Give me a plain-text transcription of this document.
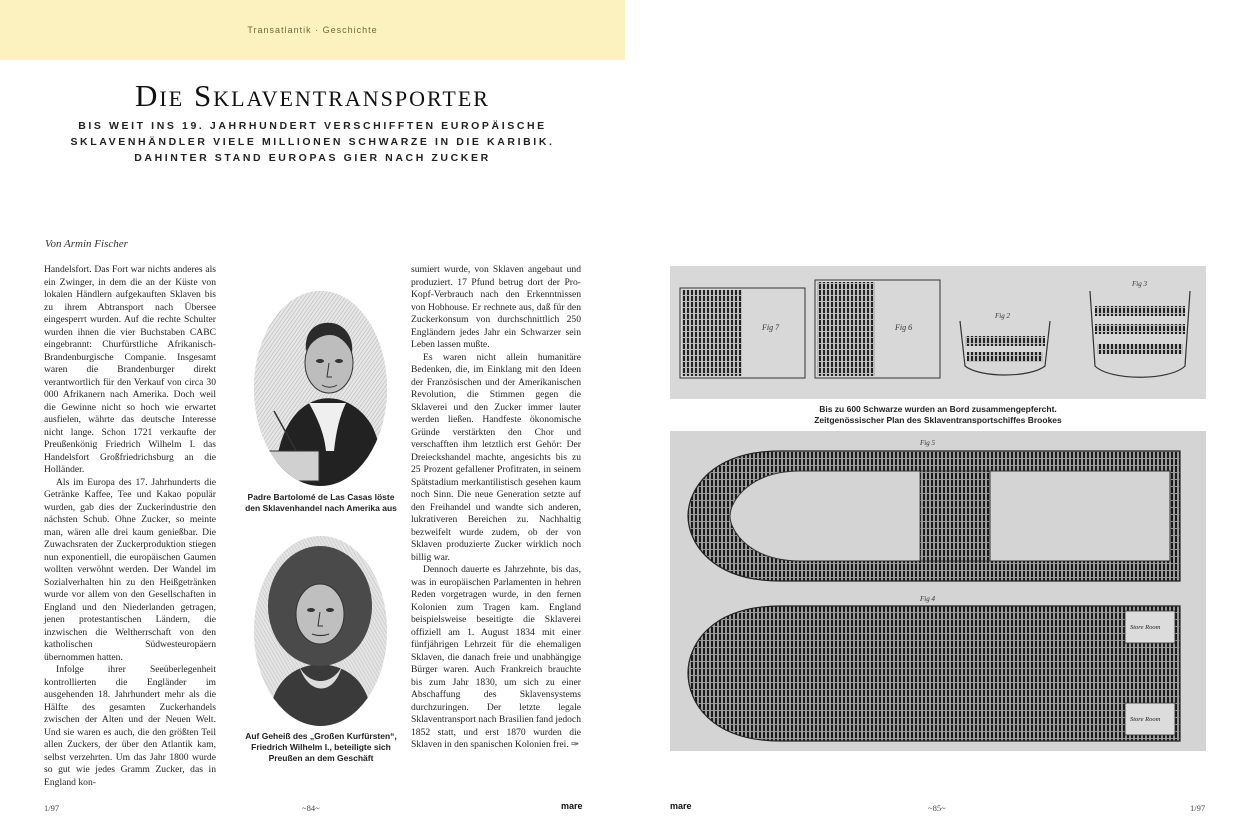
Transatlantik · Geschichte
Die Sklaventransporter
BIS WEIT INS 19. JAHRHUNDERT VERSCHIFFTEN EUROPÄISCHE SKLAVENHÄNDLER VIELE MILLIONEN SCHWARZE IN DIE KARIBIK. DAHINTER STAND EUROPAS GIER NACH ZUCKER
Von Armin Fischer

Handelsfort. Das Fort war nichts anderes als ein Zwinger, in dem die an der Küste von lokalen Händlern aufgekauften Sklaven bis zu ihrem Abtransport nach Übersee eingesperrt wurden. Auf die rechte Schulter wurden ihnen die vier Buchstaben CABC eingebrannt: Churfürstliche Afrikanisch-Brandenburgische Companie. Insgesamt waren die Brandenburger direkt verantwortlich für den Verkauf von circa 30 000 Afrikanern nach Amerika. Doch weil die Gewinne nicht so hoch wie erwartet ausfielen, währte das deutsche Interesse nicht lange. Schon 1721 verkaufte der Preußenkönig Friedrich Wilhelm I. das Handelsfort Großfriedrichsburg an die Holländer.

Als im Europa des 17. Jahrhunderts die Getränke Kaffee, Tee und Kakao populär wurden, gab dies der Zuckerindustrie den nächsten Schub. Ohne Zucker, so meinte man, wären alle drei kaum genießbar. Die Zuwachsraten der Zuckerproduktion stiegen nun exponentiell, die europäischen Gaumen wollten verwöhnt werden. Der Wandel im Sozialverhalten hin zu den Heißgetränken wurde vor allem von den Gesellschaften in England und den Niederlanden getragen, jenen protestantischen Ländern, die inzwischen die Weltherrschaft von den katholischen Südwesteuropäern übernommen hatten.

Infolge ihrer Seeüberlegenheit kontrollierten die Engländer im ausgehenden 18. Jahrhundert mehr als die Hälfte des gesamten Zuckerhandels zwischen der Alten und der Neuen Welt. Und sie waren es auch, die den größten Teil allen Zuckers, der über den Atlantik kam, selbst verzehrten. Um das Jahr 1800 wurde so gut wie jedes Gramm Zucker, das in England kon-

Padre Bartolomé de Las Casas löste den Sklavenhandel nach Amerika aus
Auf Geheiß des „Großen Kurfürsten“, Friedrich Wilhelm I., beteiligte sich Preußen an dem Geschäft

sumiert wurde, von Sklaven angebaut und produziert. 17 Pfund betrug dort der Pro-Kopf-Verbrauch nach den Erkenntnissen von Hobhouse. Er rechnete aus, daß für den Zuckerkonsum von durchschnittlich 250 Engländern jedes Jahr ein Schwarzer sein Leben lassen mußte.

Es waren nicht allein humanitäre Bedenken, die, im Einklang mit den Ideen der Französischen und der Amerikanischen Revolution, die Stimmen gegen die Sklaverei und den Zucker immer lauter werden ließen. Handfeste ökonomische Gründe verstärkten den Chor und verschafften ihm letztlich erst Gehör: Der Dreieckshandel machte, angesichts bis zu 25 Prozent gefallener Profitraten, in seinem Spätstadium merkantilistisch gesehen kaum noch Sinn. Die neue Generation setzte auf den Freihandel und wandte sich anderen, lukrativeren Bereichen zu. Nachhaltig bezweifelt wurde zudem, ob der von Sklaven produzierte Zucker wirklich noch billig war.

Dennoch dauerte es Jahrzehnte, bis das, was in europäischen Parlamenten in hehren Reden vorgetragen wurde, in den fernen Kolonien zum Tragen kam. England beispielsweise beseitigte die Sklaverei offiziell am 1. August 1834 mit einer fünfjährigen Lehrzeit für die ehemaligen Sklaven, die danach freie und unabhängige Bürger waren. Auch Frankreich brauchte bis zum Jahr 1830, um sich zu einer Abschaffung des Sklavensystems durchzuringen. Der letzte legale Sklaventransport nach Brasilien fand jedoch 1852 statt, und erst 1870 wurden die Sklaven in den spanischen Kolonien frei. ✑

1/97	~84~	mare
Fig 7	Fig 6
Fig 2
Fig 3
Bis zu 600 Schwarze wurden an Bord zusammengepfercht.
Zeitgenössischer Plan des Sklaventransportschiffes Brookes
Fig 5
Fig 4
Store Room
Store Room
mare	~85~	1/97
